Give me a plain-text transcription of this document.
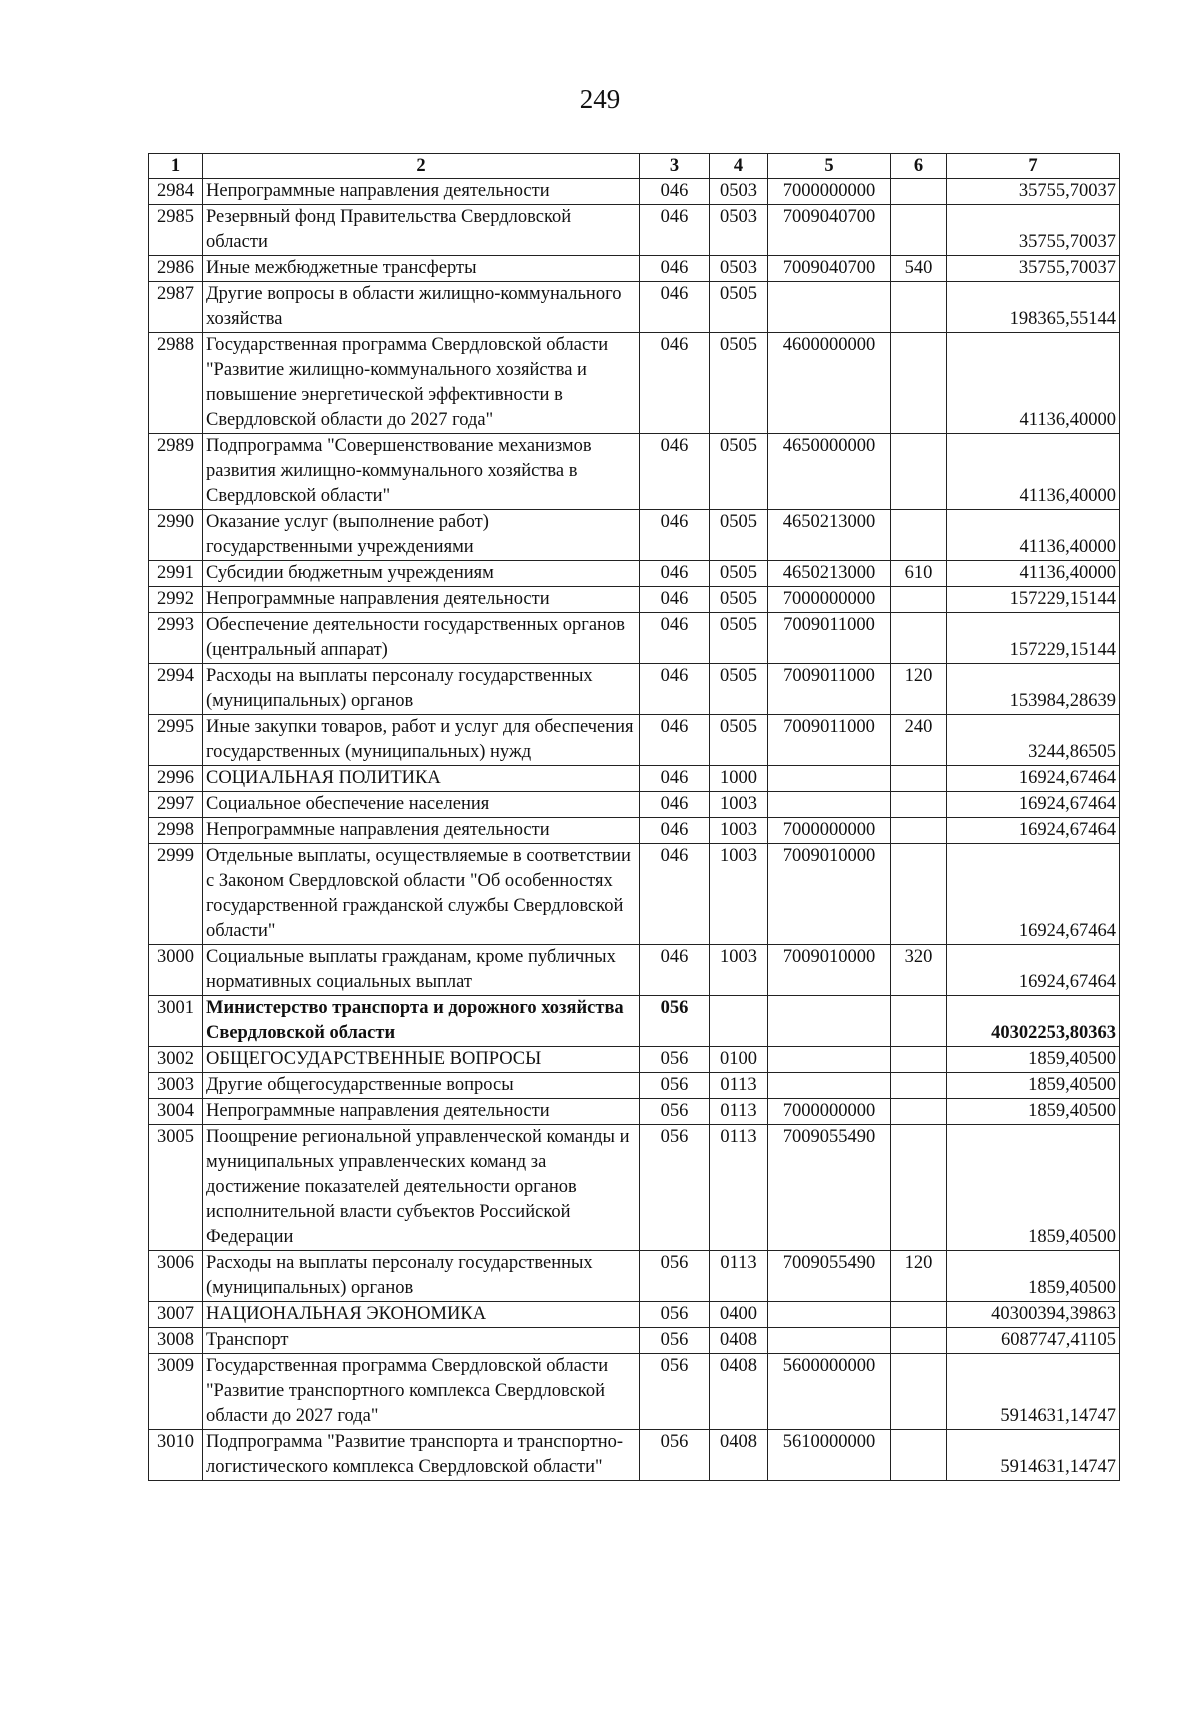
249
1	2	3	4	5	6	7
2984	Непрограммные направления деятельности	046	0503	7000000000		35755,70037
2985	Резервный фонд Правительства Свердловской области	046	0503	7009040700		35755,70037
2986	Иные межбюджетные трансферты	046	0503	7009040700	540	35755,70037
2987	Другие вопросы в области жилищно-коммунального хозяйства	046	0505			198365,55144
2988	Государственная программа Свердловской области "Развитие жилищно-коммунального хозяйства и повышение энергетической эффективности в Свердловской области до 2027 года"	046	0505	4600000000		41136,40000
2989	Подпрограмма "Совершенствование механизмов развития жилищно-коммунального хозяйства в Свердловской области"	046	0505	4650000000		41136,40000
2990	Оказание услуг (выполнение работ) государственными учреждениями	046	0505	4650213000		41136,40000
2991	Субсидии бюджетным учреждениям	046	0505	4650213000	610	41136,40000
2992	Непрограммные направления деятельности	046	0505	7000000000		157229,15144
2993	Обеспечение деятельности государственных органов (центральный аппарат)	046	0505	7009011000		157229,15144
2994	Расходы на выплаты персоналу государственных (муниципальных) органов	046	0505	7009011000	120	153984,28639
2995	Иные закупки товаров, работ и услуг для обеспечения государственных (муниципальных) нужд	046	0505	7009011000	240	3244,86505
2996	СОЦИАЛЬНАЯ ПОЛИТИКА	046	1000			16924,67464
2997	Социальное обеспечение населения	046	1003			16924,67464
2998	Непрограммные направления деятельности	046	1003	7000000000		16924,67464
2999	Отдельные выплаты, осуществляемые в соответствии с Законом Свердловской области "Об особенностях государственной гражданской службы Свердловской области"	046	1003	7009010000		16924,67464
3000	Социальные выплаты гражданам, кроме публичных нормативных социальных выплат	046	1003	7009010000	320	16924,67464
3001	Министерство транспорта и дорожного хозяйства Свердловской области	056				40302253,80363
3002	ОБЩЕГОСУДАРСТВЕННЫЕ ВОПРОСЫ	056	0100			1859,40500
3003	Другие общегосударственные вопросы	056	0113			1859,40500
3004	Непрограммные направления деятельности	056	0113	7000000000		1859,40500
3005	Поощрение региональной управленческой команды и муниципальных управленческих команд за достижение показателей деятельности органов исполнительной власти субъектов Российской Федерации	056	0113	7009055490		1859,40500
3006	Расходы на выплаты персоналу государственных (муниципальных) органов	056	0113	7009055490	120	1859,40500
3007	НАЦИОНАЛЬНАЯ ЭКОНОМИКА	056	0400			40300394,39863
3008	Транспорт	056	0408			6087747,41105
3009	Государственная программа Свердловской области "Развитие транспортного комплекса Свердловской области до 2027 года"	056	0408	5600000000		5914631,14747
3010	Подпрограмма "Развитие транспорта и транспортно-логистического комплекса Свердловской области"	056	0408	5610000000		5914631,14747
